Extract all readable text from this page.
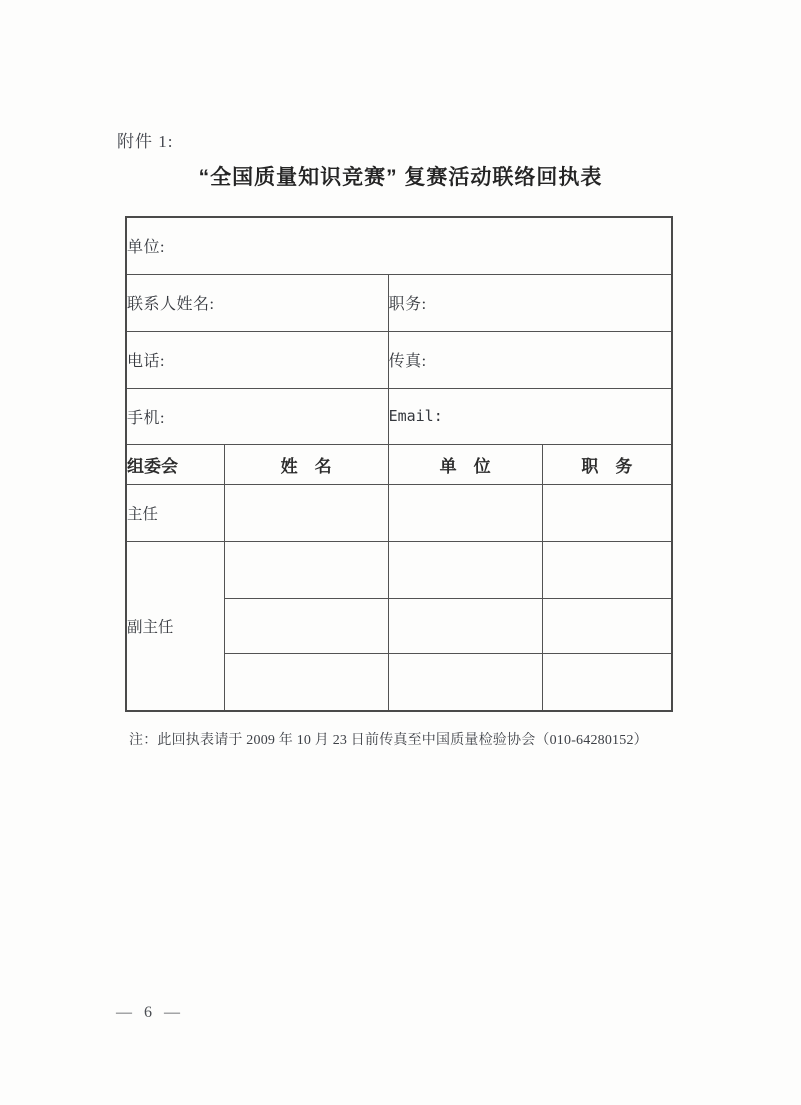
附件 1:
“全国质量知识竞赛” 复赛活动联络回执表
单位:			
联系人姓名:		职务:	
电话:		传真:	
手机:		Email:	
组委会	姓　名	单　位	职　务
主任			
副主任			

注：此回执表请于 2009 年 10 月 23 日前传真至中国质量检验协会（010-64280152）
— 6 —
